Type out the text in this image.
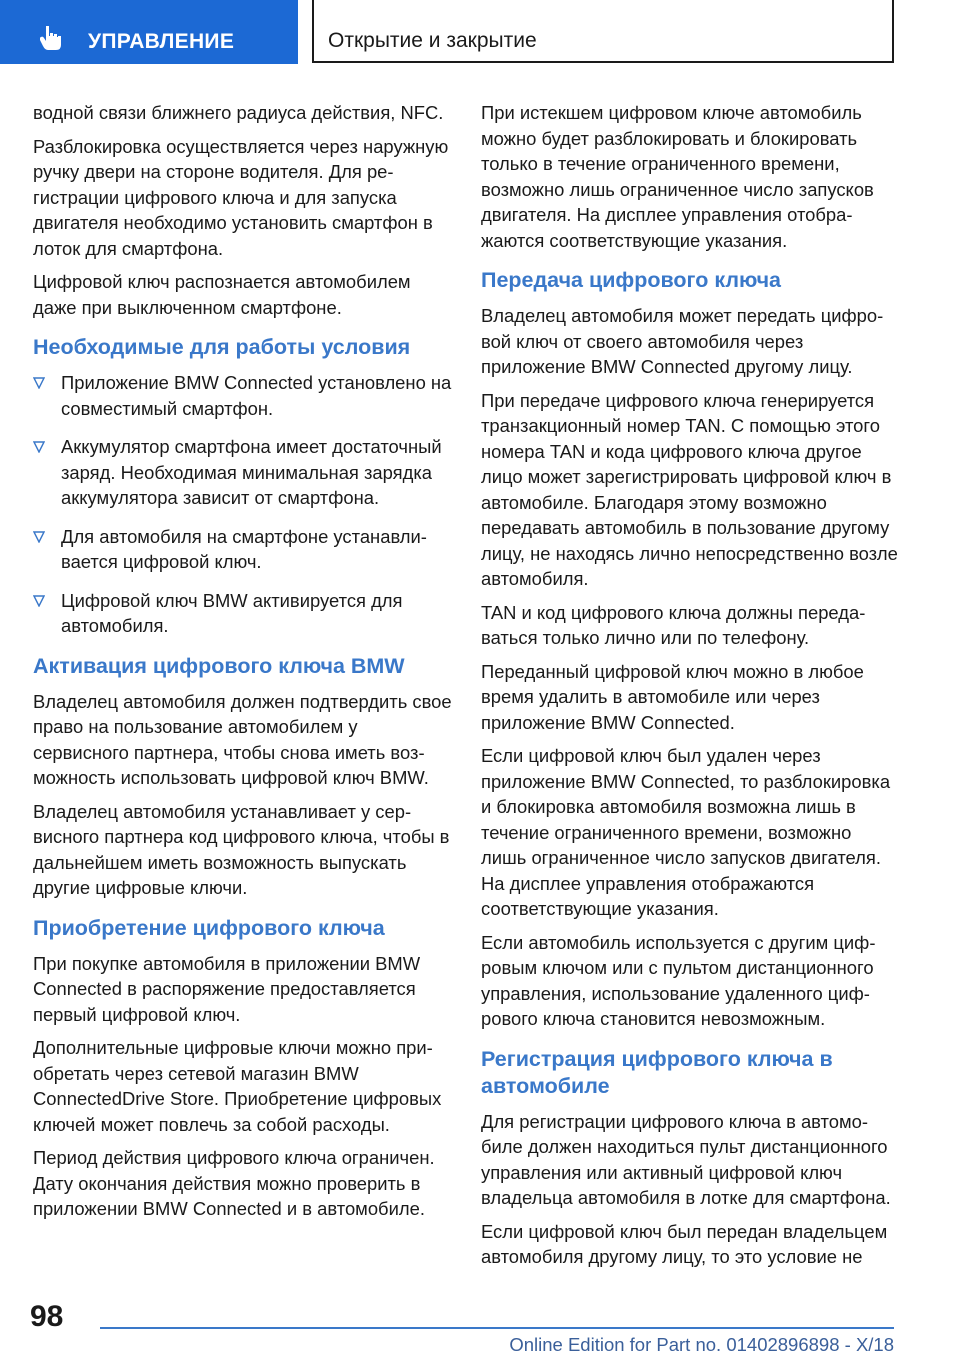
УПРАВЛЕНИЕ	Открытие и закрытие

водной связи ближнего радиуса действия, NFC.

Разблокировка осуществляется через наружную ручку двери на стороне водителя. Для регистрации цифрового ключа и для запуска двигателя необходимо установить смартфон в лоток для смартфона.

Цифровой ключ распознается автомобилем даже при выключенном смартфоне.

Необходимые для работы условия
Приложение BMW Connected установлено на совместимый смартфон.
Аккумулятор смартфона имеет достаточный заряд. Необходимая минимальная зарядка аккумулятора зависит от смартфона.
Для автомобиля на смартфоне устанавливается цифровой ключ.
Цифровой ключ BMW активируется для автомобиля.
Активация цифрового ключа BMW

Владелец автомобиля должен подтвердить свое право на пользование автомобилем у сервисного партнера, чтобы снова иметь возможность использовать цифровой ключ BMW.

Владелец автомобиля устанавливает у сервисного партнера код цифрового ключа, чтобы в дальнейшем иметь возможность выпускать другие цифровые ключи.

Приобретение цифрового ключа

При покупке автомобиля в приложении BMW Connected в распоряжение предоставляется первый цифровой ключ.

Дополнительные цифровые ключи можно приобретать через сетевой магазин BMW ConnectedDrive Store. Приобретение цифровых ключей может повлечь за собой расходы.

Период действия цифрового ключа ограничен. Дату окончания действия можно проверить в приложении BMW Connected и в автомобиле.

При истекшем цифровом ключе автомобиль можно будет разблокировать и блокировать только в течение ограниченного времени, возможно лишь ограниченное число запусков двигателя. На дисплее управления отображаются соответствующие указания.

Передача цифрового ключа

Владелец автомобиля может передать цифровой ключ от своего автомобиля через приложение BMW Connected другому лицу.

При передаче цифрового ключа генерируется транзакционный номер TAN. С помощью этого номера TAN и кода цифрового ключа другое лицо может зарегистрировать цифровой ключ в автомобиле. Благодаря этому возможно передавать автомобиль в пользование другому лицу, не находясь лично непосредственно возле автомобиля.

TAN и код цифрового ключа должны передаваться только лично или по телефону.

Переданный цифровой ключ можно в любое время удалить в автомобиле или через приложение BMW Connected.

Если цифровой ключ был удален через приложение BMW Connected, то разблокировка и блокировка автомобиля возможна лишь в течение ограниченного времени, возможно лишь ограниченное число запусков двигателя. На дисплее управления отображаются соответствующие указания.

Если автомобиль используется с другим цифровым ключом или с пультом дистанционного управления, использование удаленного цифрового ключа становится невозможным.

Регистрация цифрового ключа в автомобиле

Для регистрации цифрового ключа в автомобиле должен находиться пульт дистанционного управления или активный цифровой ключ владельца автомобиля в лотке для смартфона.

Если цифровой ключ был передан владельцем автомобиля другому лицу, то это условие не

98
Online Edition for Part no. 01402896898 - X/18
